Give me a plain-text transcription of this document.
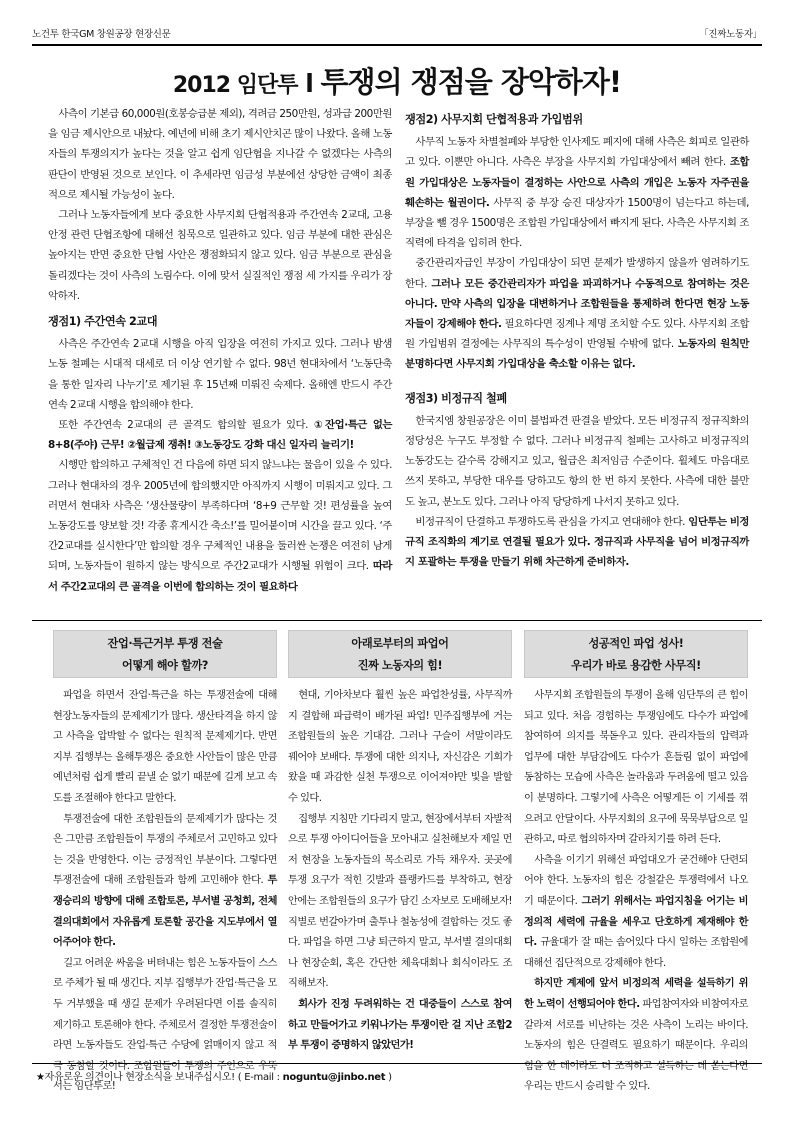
노건투 한국GM 창원공장 현장신문	「진짜노동자」
2012 임단투 l 투쟁의 쟁점을 장악하자!

사측이 기본급 60,000원(호봉승급분 제외), 격려금 250만원, 성과급 200만원을 임금 제시안으로 내놨다. 예년에 비해 초기 제시안치곤 많이 나왔다. 올해 노동자들의 투쟁의지가 높다는 것을 알고 쉽게 임단협을 지나갈 수 없겠다는 사측의 판단이 반영된 것으로 보인다. 이 추세라면 임금성 부분에선 상당한 금액이 최종적으로 제시될 가능성이 높다.

그러나 노동자들에게 보다 중요한 사무지회 단협적용과 주간연속 2교대, 고용안정 관련 단협조항에 대해선 침묵으로 일관하고 있다. 임금 부분에 대한 관심은 높아지는 반면 중요한 단협 사안은 쟁점화되지 않고 있다. 임금 부분으로 관심을 돌리겠다는 것이 사측의 노림수다. 이에 맞서 실질적인 쟁점 세 가지를 우리가 장악하자.

쟁점1) 주간연속 2교대

사측은 주간연속 2교대 시행을 아직 입장을 여전히 가지고 있다. 그러나 밤샘노동 철폐는 시대적 대세로 더 이상 연기할 수 없다. 98년 현대차에서 ‘노동단축을 통한 일자리 나누기’로 제기된 후 15년째 미뤄진 숙제다. 올해엔 반드시 주간연속 2교대 시행을 합의해야 한다.

또한 주간연속 2교대의 큰 골격도 합의할 필요가 있다. ①잔업·특근 없는 8+8(주야) 근무! ②월급제 쟁취! ③노동강도 강화 대신 일자리 늘리기!

시행만 합의하고 구체적인 건 다음에 하면 되지 않느냐는 물음이 있을 수 있다. 그러나 현대차의 경우 2005년에 합의했지만 아직까지 시행이 미뤄지고 있다. 그러면서 현대차 사측은 ‘생산물량이 부족하다며 ‘8+9 근무할 것! 편성률을 높여 노동강도를 양보할 것! 각종 휴게시간 축소!’를 밀어붙이며 시간을 끌고 있다. ‘주간2교대를 실시한다’만 합의할 경우 구체적인 내용을 둘러싼 논쟁은 여전히 남게 되며, 노동자들이 원하지 않는 방식으로 주간2교대가 시행될 위험이 크다. 따라서 주간2교대의 큰 골격을 이번에 합의하는 것이 필요하다

쟁점2) 사무지회 단협적용과 가입범위

사무직 노동자 차별철폐와 부당한 인사제도 폐지에 대해 사측은 회피로 일관하고 있다. 이뿐만 아니다. 사측은 부장을 사무지회 가입대상에서 빼려 한다. 조합원 가입대상은 노동자들이 결정하는 사안으로 사측의 개입은 노동자 자주권을 훼손하는 월권이다. 사무직 중 부장 승진 대상자가 1500명이 넘는다고 하는데, 부장을 뺄 경우 1500명은 조합원 가입대상에서 빠지게 된다. 사측은 사무지회 조직력에 타격을 입히려 한다.

중간관리자급인 부장이 가입대상이 되면 문제가 발생하지 않을까 염려하기도 한다. 그러나 모든 중간관리자가 파업을 파괴하거나 수동적으로 참여하는 것은 아니다. 만약 사측의 입장을 대변하거나 조합원들을 통제하려 한다면 현장 노동자들이 강제해야 한다. 필요하다면 징계나 제명 조치할 수도 있다. 사무지회 조합원 가입범위 결정에는 사무직의 특수성이 반영될 수밖에 없다. 노동자의 원칙만 분명하다면 사무지회 가입대상을 축소할 이유는 없다.

쟁점3) 비정규직 철폐

한국지엠 창원공장은 이미 불법파견 판결을 받았다. 모든 비정규직 정규직화의 정당성은 누구도 부정할 수 없다. 그러나 비정규직 철폐는 고사하고 비정규직의 노동강도는 갈수록 강해지고 있고, 월급은 최저임금 수준이다. 휠체도 마음대로 쓰지 못하고, 부당한 대우를 당하고도 항의 한 번 하지 못한다. 사측에 대한 불만도 높고, 분노도 있다. 그러나 아직 당당하게 나서지 못하고 있다.

비정규직이 단결하고 투쟁하도록 관심을 가지고 연대해야 한다. 임단투는 비정규직 조직화의 계기로 연결될 필요가 있다. 정규직과 사무직을 넘어 비정규직까지 포괄하는 투쟁을 만들기 위해 차근하게 준비하자.

잔업·특근거부 투쟁 전술
어떻게 해야 할까?

파업을 하면서 잔업·특근을 하는 투쟁전술에 대해 현장노동자들의 문제제기가 많다. 생산타격을 하지 않고 사측을 압박할 수 없다는 원칙적 문제제기다. 반면 지부 집행부는 올해투쟁은 중요한 사안들이 많은 만큼 예년처럼 쉽게 빨리 끝낼 순 없기 때문에 길게 보고 속도를 조절해야 한다고 말한다.

투쟁전술에 대한 조합원들의 문제제기가 많다는 것은 그만큼 조합원들이 투쟁의 주체로서 고민하고 있다는 것을 반영한다. 이는 긍정적인 부분이다. 그렇다면 투쟁전술에 대해 조합원들과 함께 고민해야 한다. 투쟁승리의 방향에 대해 조합토론, 부서별 공청회, 전체결의대회에서 자유롭게 토론할 공간을 지도부에서 열어주어야 한다.

길고 어려운 싸움을 버텨내는 힘은 노동자들이 스스로 주체가 될 때 생긴다. 지부 집행부가 잔업·특근을 모두 거부했을 때 생길 문제가 우려된다면 이를 솔직히 제기하고 토론해야 한다. 주체로서 결정한 투쟁전술이라면 노동자들도 잔업·특근 수당에 얽매이지 않고 적극 동참할 것이다. 조합원들이 투쟁의 주인으로 우뚝 서는 임단투로!

아래로부터의 파업어
진짜 노동자의 힘!

현대, 기아차보다 훨씬 높은 파업찬성률, 사무직까지 결합해 파급력이 배가된 파업! 민주집행부에 거는 조합원들의 높은 기대감. 그러나 구슬이 서말이라도 꿰어야 보배다. 투쟁에 대한 의지나, 자신감은 기회가 왔을 때 과감한 실천 투쟁으로 이어져야만 빛을 발할 수 있다.

집행부 지침만 기다리지 말고, 현장에서부터 자발적으로 투쟁 아이디어들을 모아내고 실천해보자 제일 먼저 현장을 노동자들의 목소리로 가득 채우자. 곳곳에 투쟁 요구가 적힌 깃발과 플랭카드를 부착하고, 현장 안에는 조합원들의 요구가 담긴 소자보로 도배해보자! 직별로 번갈아가며 출투나 철농성에 결합하는 것도 좋다. 파업을 하면 그냥 퇴근하지 말고, 부서별 결의대회나 현장순회, 혹은 간단한 체육대회나 회식이라도 조직해보자.

회사가 진정 두려워하는 건 대중들이 스스로 참여하고 만들어가고 키워나가는 투쟁이란 걸 지난 조합2부 투쟁이 증명하지 않았던가!

성공적인 파업 성사!
우리가 바로 용감한 사무직!

사무지회 조합원들의 투쟁이 올해 임단투의 큰 힘이 되고 있다. 처음 경험하는 투쟁임에도 다수가 파업에 참여하여 의지를 북돋우고 있다. 관리자들의 압력과 업무에 대한 부담감에도 다수가 흔들림 없이 파업에 동참하는 모습에 사측은 놀라움과 두려움에 떨고 있음이 분명하다. 그렇기에 사측은 어떻게든 이 기세를 꺾으려고 안달이다. 사무지회의 요구에 묵묵부답으로 일관하고, 따로 협의하자며 갈라치기를 하려 든다.

사측을 이기기 위해선 파업대오가 굳건해야 단련되어야 한다. 노동자의 힘은 강철같은 투쟁력에서 나오기 때문이다. 그러기 위해서는 파업지침을 어기는 비정의적 세력에 규율을 세우고 단호하게 제재해야 한다. 규율대가 잘 때는 솜어있다 다시 일하는 조합원에 대해선 집단적으로 강제해야 한다.

하지만 계제에 앞서 비정의적 세력을 설득하기 위한 노력이 선행되어야 한다. 파업참여자와 비참여자로 갈라져 서로를 비난하는 것은 사측이 노리는 바이다. 노동자의 힘은 단결력도 필요하기 때문이다. 우리의 힘을 한 데이라도 더 조직하고 설득하는 데 쏟는다면 우리는 반드시 승리할 수 있다.

★자유로운 의견이나 현장소식을 보내주십시오! ( E-mail : noguntu@jinbo.net )
